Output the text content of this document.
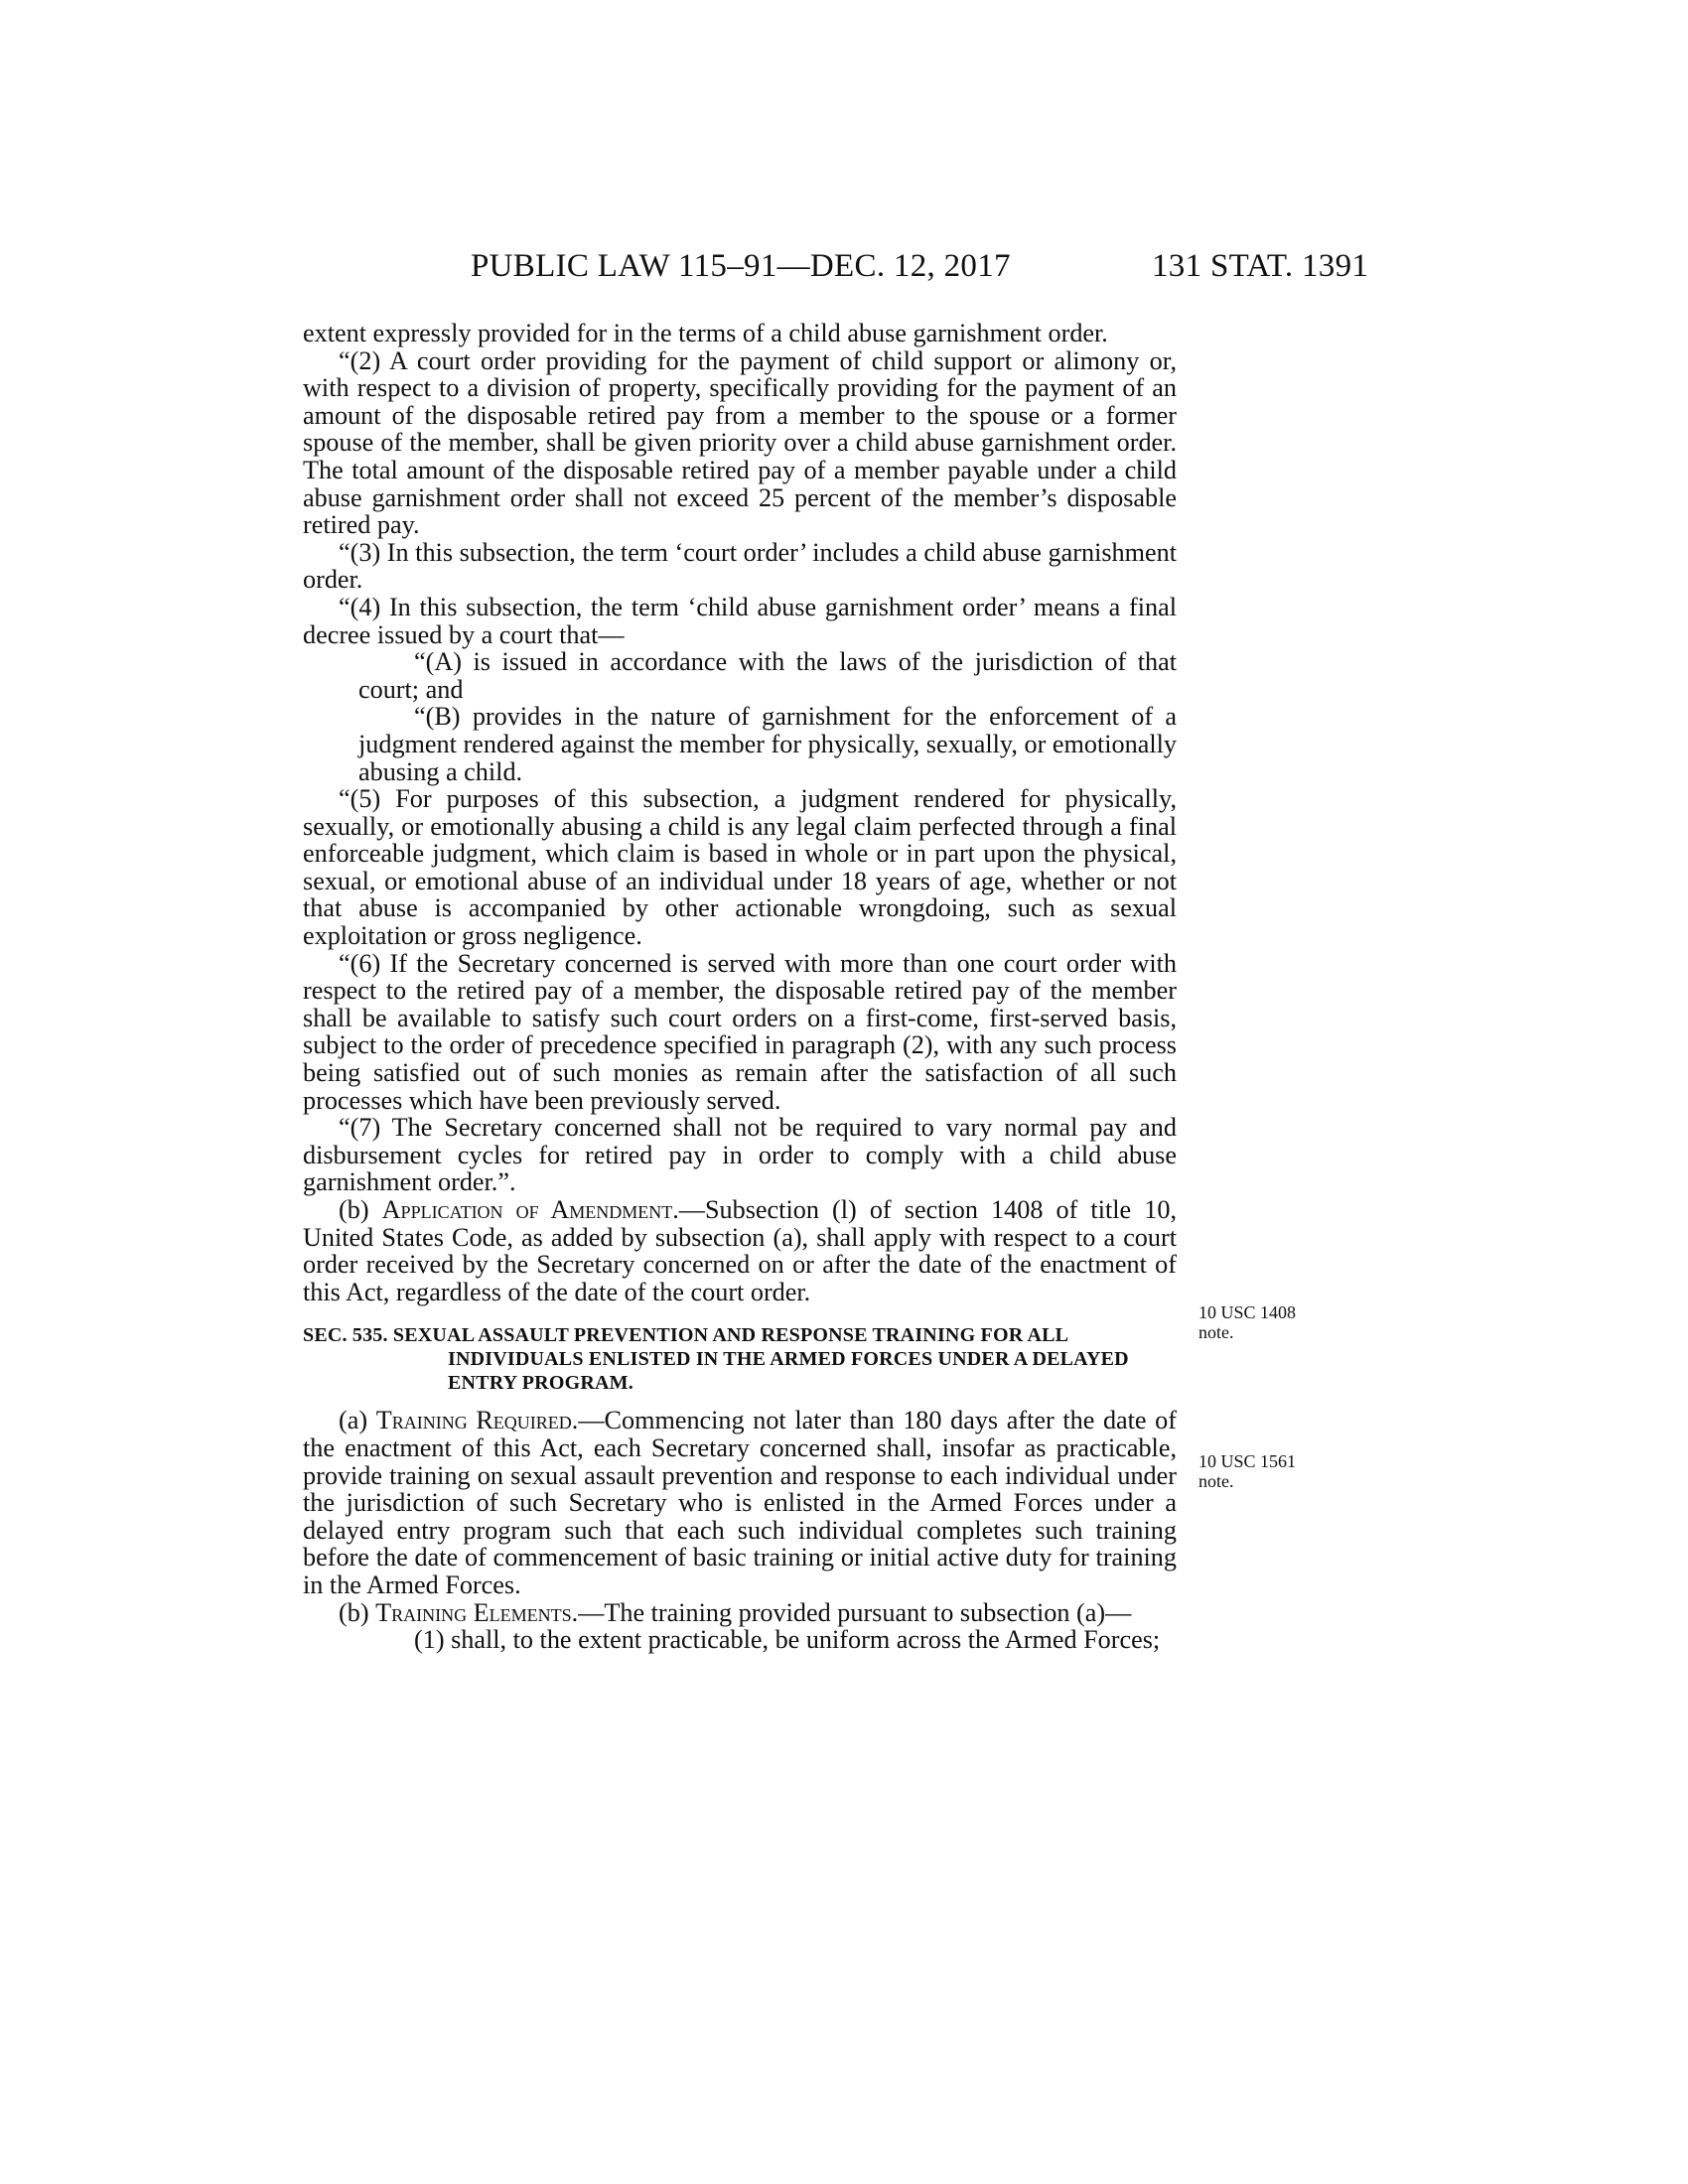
PUBLIC LAW 115–91—DEC. 12, 2017	131 STAT. 1391

extent expressly provided for in the terms of a child abuse garnishment order.

“(2) A court order providing for the payment of child support or alimony or, with respect to a division of property, specifically providing for the payment of an amount of the disposable retired pay from a member to the spouse or a former spouse of the member, shall be given priority over a child abuse garnishment order. The total amount of the disposable retired pay of a member payable under a child abuse garnishment order shall not exceed 25 percent of the member’s disposable retired pay.

“(3) In this subsection, the term ‘court order’ includes a child abuse garnishment order.

“(4) In this subsection, the term ‘child abuse garnishment order’ means a final decree issued by a court that—

“(A) is issued in accordance with the laws of the jurisdiction of that court; and

“(B) provides in the nature of garnishment for the enforcement of a judgment rendered against the member for physically, sexually, or emotionally abusing a child.

“(5) For purposes of this subsection, a judgment rendered for physically, sexually, or emotionally abusing a child is any legal claim perfected through a final enforceable judgment, which claim is based in whole or in part upon the physical, sexual, or emotional abuse of an individual under 18 years of age, whether or not that abuse is accompanied by other actionable wrongdoing, such as sexual exploitation or gross negligence.

“(6) If the Secretary concerned is served with more than one court order with respect to the retired pay of a member, the disposable retired pay of the member shall be available to satisfy such court orders on a first-come, first-served basis, subject to the order of precedence specified in paragraph (2), with any such process being satisfied out of such monies as remain after the satisfaction of all such processes which have been previously served.

“(7) The Secretary concerned shall not be required to vary normal pay and disbursement cycles for retired pay in order to comply with a child abuse garnishment order.”.

(b) Application of Amendment.—Subsection (l) of section 1408 of title 10, United States Code, as added by subsection (a), shall apply with respect to a court order received by the Secretary concerned on or after the date of the enactment of this Act, regardless of the date of the court order.

SEC. 535. SEXUAL ASSAULT PREVENTION AND RESPONSE TRAINING FOR ALL INDIVIDUALS ENLISTED IN THE ARMED FORCES UNDER A DELAYED ENTRY PROGRAM.

(a) Training Required.—Commencing not later than 180 days after the date of the enactment of this Act, each Secretary concerned shall, insofar as practicable, provide training on sexual assault prevention and response to each individual under the jurisdiction of such Secretary who is enlisted in the Armed Forces under a delayed entry program such that each such individual completes such training before the date of commencement of basic training or initial active duty for training in the Armed Forces.

(b) Training Elements.—The training provided pursuant to subsection (a)—

(1) shall, to the extent practicable, be uniform across the Armed Forces;

10 USC 1408
note.
10 USC 1561
note.
